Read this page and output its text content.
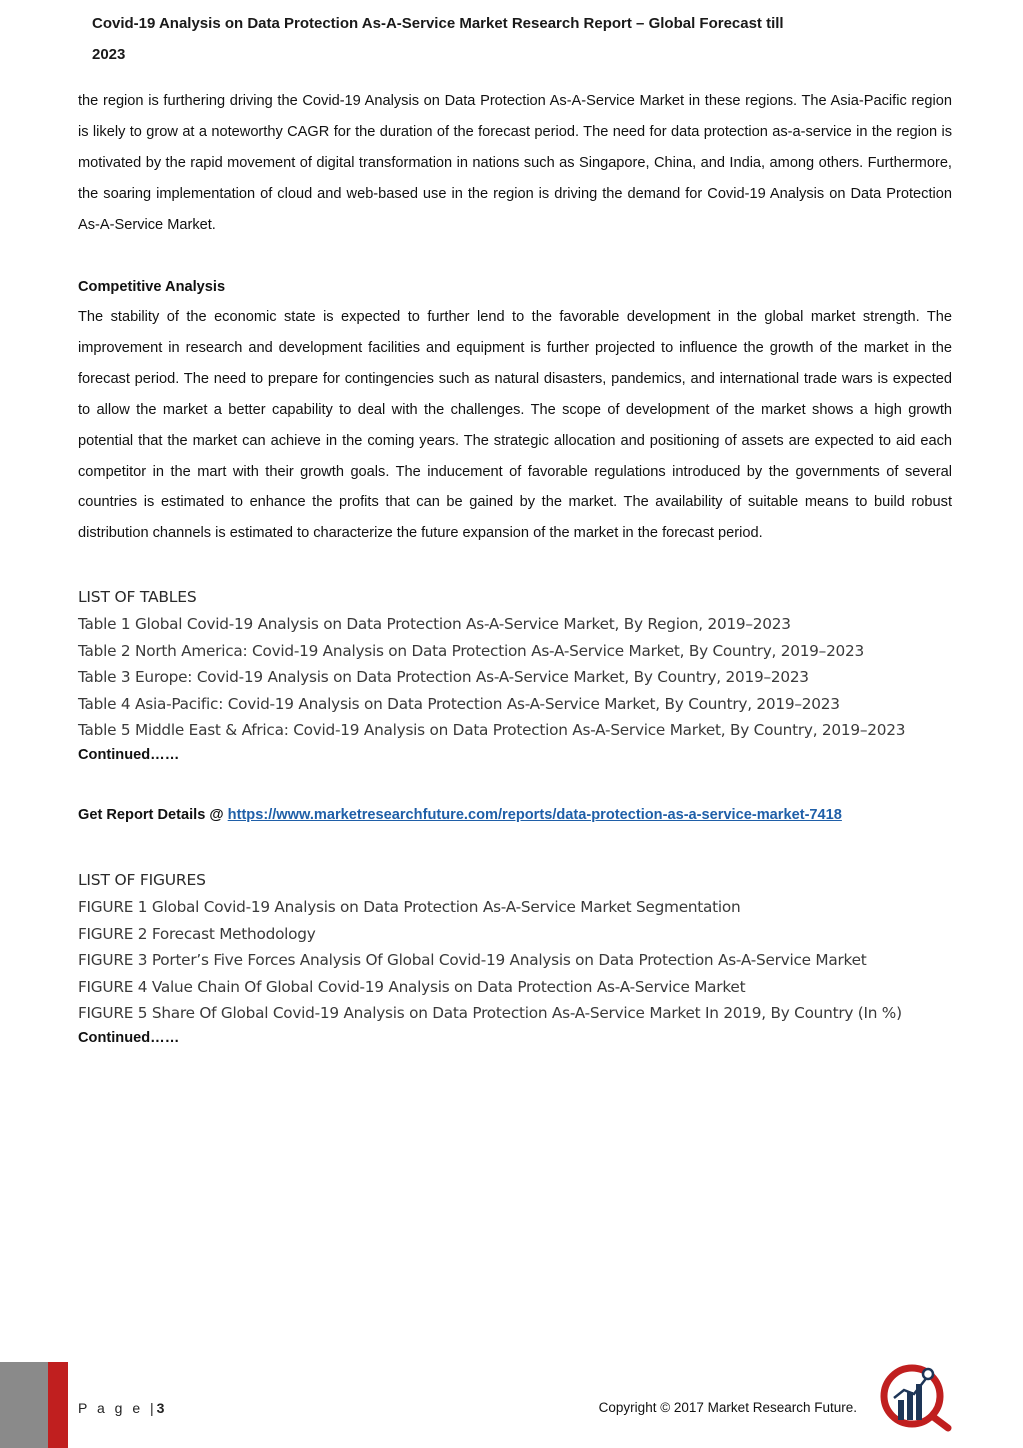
Covid-19 Analysis on Data Protection As-A-Service Market Research Report – Global Forecast till 2023

the region is furthering driving the Covid-19 Analysis on Data Protection As-A-Service Market in these regions. The Asia-Pacific region is likely to grow at a noteworthy CAGR for the duration of the forecast period. The need for data protection as-a-service in the region is motivated by the rapid movement of digital transformation in nations such as Singapore, China, and India, among others. Furthermore, the soaring implementation of cloud and web-based use in the region is driving the demand for Covid-19 Analysis on Data Protection As-A-Service Market.

Competitive Analysis

The stability of the economic state is expected to further lend to the favorable development in the global market strength. The improvement in research and development facilities and equipment is further projected to influence the growth of the market in the forecast period. The need to prepare for contingencies such as natural disasters, pandemics, and international trade wars is expected to allow the market a better capability to deal with the challenges. The scope of development of the market shows a high growth potential that the market can achieve in the coming years. The strategic allocation and positioning of assets are expected to aid each competitor in the mart with their growth goals. The inducement of favorable regulations introduced by the governments of several countries is estimated to enhance the profits that can be gained by the market. The availability of suitable means to build robust distribution channels is estimated to characterize the future expansion of the market in the forecast period.

LIST OF TABLES
Table 1 Global Covid-19 Analysis on Data Protection As-A-Service Market, By Region, 2019–2023
Table 2 North America: Covid-19 Analysis on Data Protection As-A-Service Market, By Country, 2019–2023
Table 3 Europe: Covid-19 Analysis on Data Protection As-A-Service Market, By Country, 2019–2023
Table 4 Asia-Pacific: Covid-19 Analysis on Data Protection As-A-Service Market, By Country, 2019–2023
Table 5 Middle East & Africa: Covid-19 Analysis on Data Protection As-A-Service Market, By Country, 2019–2023
Continued……
Get Report Details @ https://www.marketresearchfuture.com/reports/data-protection-as-a-service-market-7418
LIST OF FIGURES
FIGURE 1 Global Covid-19 Analysis on Data Protection As-A-Service Market Segmentation
FIGURE 2 Forecast Methodology
FIGURE 3 Porter’s Five Forces Analysis Of Global Covid-19 Analysis on Data Protection As-A-Service Market
FIGURE 4 Value Chain Of Global Covid-19 Analysis on Data Protection As-A-Service Market
FIGURE 5 Share Of Global Covid-19 Analysis on Data Protection As-A-Service Market In 2019, By Country (In %)
Continued……
P a g e |3	Copyright © 2017 Market Research Future.
